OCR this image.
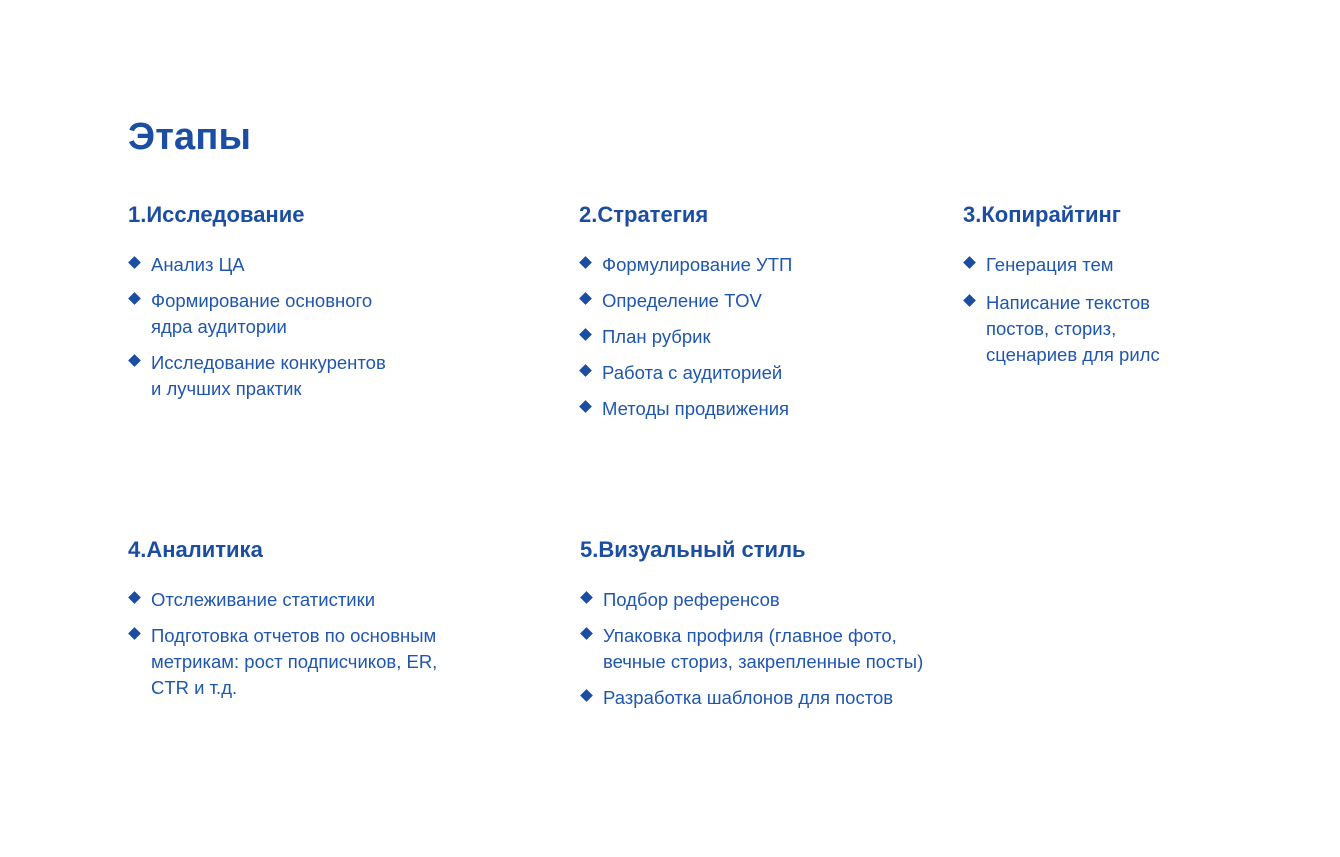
Этапы
1.Исследование
Анализ ЦА
Формирование основного
ядра аудитории
Исследование конкурентов
и лучших практик
2.Стратегия
Формулирование УТП
Определение TOV
План рубрик
Работа с аудиторией
Методы продвижения
3.Копирайтинг
Генерация тем
Написание текстов
постов, сториз,
сценариев для рилс
4.Аналитика
Отслеживание статистики
Подготовка отчетов по основным
метрикам: рост подписчиков, ER,
CTR и т.д.
5.Визуальный стиль
Подбор референсов
Упаковка профиля (главное фото,
вечные сториз, закрепленные посты)
Разработка шаблонов для постов
